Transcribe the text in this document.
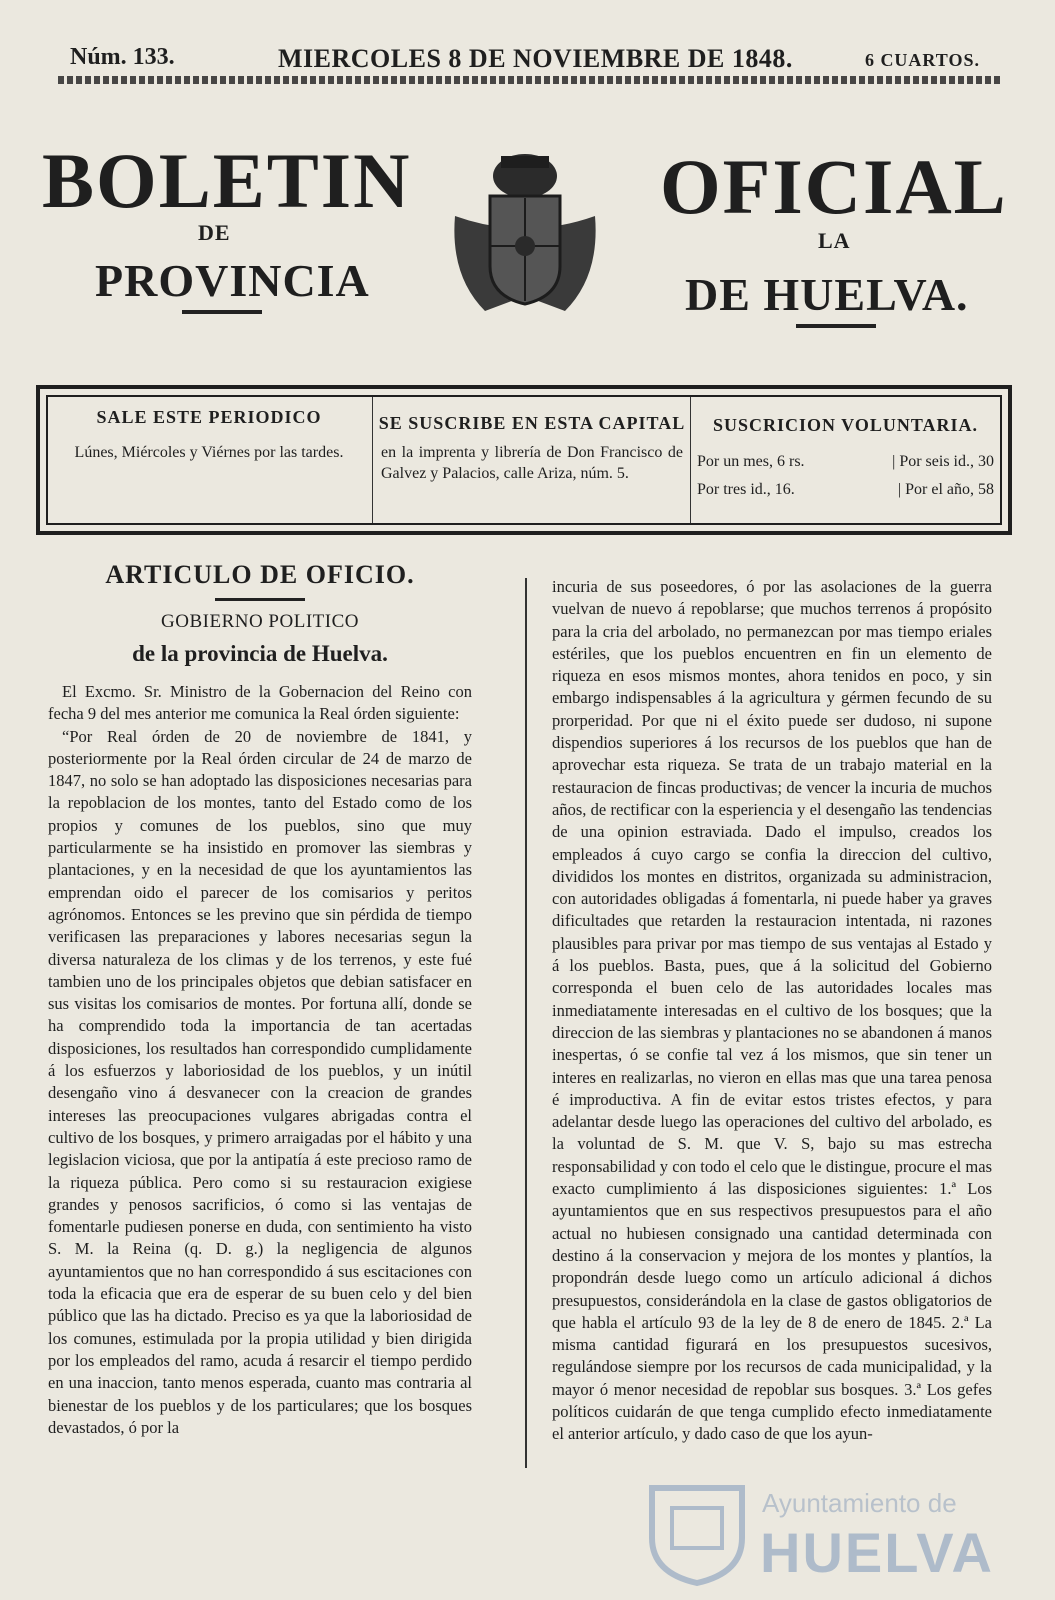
Núm. 133.	MIERCOLES 8 DE NOVIEMBRE DE 1848.	6 CUARTOS.
BOLETIN
DE
PROVINCIA
OFICIAL
LA
DE HUELVA.
SALE ESTE PERIODICO
Lúnes, Miércoles y Viérnes por las tardes.
SE SUSCRIBE EN ESTA CAPITAL
en la imprenta y librería de Don Francisco de Galvez y Palacios, calle Ariza, núm. 5.
SUSCRICION VOLUNTARIA.
Por un mes, 6 rs.	| Por seis id., 30
Por tres id., 16.	| Por el año, 58
ARTICULO DE OFICIO.
GOBIERNO POLITICO
de la provincia de Huelva.

El Excmo. Sr. Ministro de la Gobernacion del Reino con fecha 9 del mes anterior me comunica la Real órden siguiente:

“Por Real órden de 20 de noviembre de 1841, y posteriormente por la Real órden circular de 24 de marzo de 1847, no solo se han adoptado las disposiciones necesarias para la repoblacion de los montes, tanto del Estado como de los propios y comunes de los pueblos, sino que muy particularmente se ha insistido en promover las siembras y plantaciones, y en la necesidad de que los ayuntamientos las emprendan oido el parecer de los comisarios y peritos agrónomos. Entonces se les previno que sin pérdida de tiempo verificasen las preparaciones y labores necesarias segun la diversa naturaleza de los climas y de los terrenos, y este fué tambien uno de los principales objetos que debian satisfacer en sus visitas los comisarios de montes. Por fortuna allí, donde se ha comprendido toda la importancia de tan acertadas disposiciones, los resultados han correspondido cumplidamente á los esfuerzos y laboriosidad de los pueblos, y un inútil desengaño vino á desvanecer con la creacion de grandes intereses las preocupaciones vulgares abrigadas contra el cultivo de los bosques, y primero arraigadas por el hábito y una legislacion viciosa, que por la antipatía á este precioso ramo de la riqueza pública. Pero como si su restauracion exigiese grandes y penosos sacrificios, ó como si las ventajas de fomentarle pudiesen ponerse en duda, con sentimiento ha visto S. M. la Reina (q. D. g.) la negligencia de algunos ayuntamientos que no han correspondido á sus escitaciones con toda la eficacia que era de esperar de su buen celo y del bien público que las ha dictado. Preciso es ya que la laboriosidad de los comunes, estimulada por la propia utilidad y bien dirigida por los empleados del ramo, acuda á resarcir el tiempo perdido en una inaccion, tanto menos esperada, cuanto mas contraria al bienestar de los pueblos y de los particulares; que los bosques devastados, ó por la

incuria de sus poseedores, ó por las asolaciones de la guerra vuelvan de nuevo á repoblarse; que muchos terrenos á propósito para la cria del arbolado, no permanezcan por mas tiempo eriales estériles, que los pueblos encuentren en fin un elemento de riqueza en esos mismos montes, ahora tenidos en poco, y sin embargo indispensables á la agricultura y gérmen fecundo de su prorperidad. Por que ni el éxito puede ser dudoso, ni supone dispendios superiores á los recursos de los pueblos que han de aprovechar esta riqueza. Se trata de un trabajo material en la restauracion de fincas productivas; de vencer la incuria de muchos años, de rectificar con la esperiencia y el desengaño las tendencias de una opinion estraviada. Dado el impulso, creados los empleados á cuyo cargo se confia la direccion del cultivo, divididos los montes en distritos, organizada su administracion, con autoridades obligadas á fomentarla, ni puede haber ya graves dificultades que retarden la restauracion intentada, ni razones plausibles para privar por mas tiempo de sus ventajas al Estado y á los pueblos. Basta, pues, que á la solicitud del Gobierno corresponda el buen celo de las autoridades locales mas inmediatamente interesadas en el cultivo de los bosques; que la direccion de las siembras y plantaciones no se abandonen á manos inespertas, ó se confie tal vez á los mismos, que sin tener un interes en realizarlas, no vieron en ellas mas que una tarea penosa é improductiva. A fin de evitar estos tristes efectos, y para adelantar desde luego las operaciones del cultivo del arbolado, es la voluntad de S. M. que V. S, bajo su mas estrecha responsabilidad y con todo el celo que le distingue, procure el mas exacto cumplimiento á las disposiciones siguientes: 1.ª Los ayuntamientos que en sus respectivos presupuestos para el año actual no hubiesen consignado una cantidad determinada con destino á la conservacion y mejora de los montes y plantíos, la propondrán desde luego como un artículo adicional á dichos presupuestos, considerándola en la clase de gastos obligatorios de que habla el artículo 93 de la ley de 8 de enero de 1845. 2.ª La misma cantidad figurará en los presupuestos sucesivos, regulándose siempre por los recursos de cada municipalidad, y la mayor ó menor necesidad de repoblar sus bosques. 3.ª Los gefes políticos cuidarán de que tenga cumplido efecto inmediatamente el anterior artículo, y dado caso de que los ayun-

Ayuntamiento de
HUELVA
